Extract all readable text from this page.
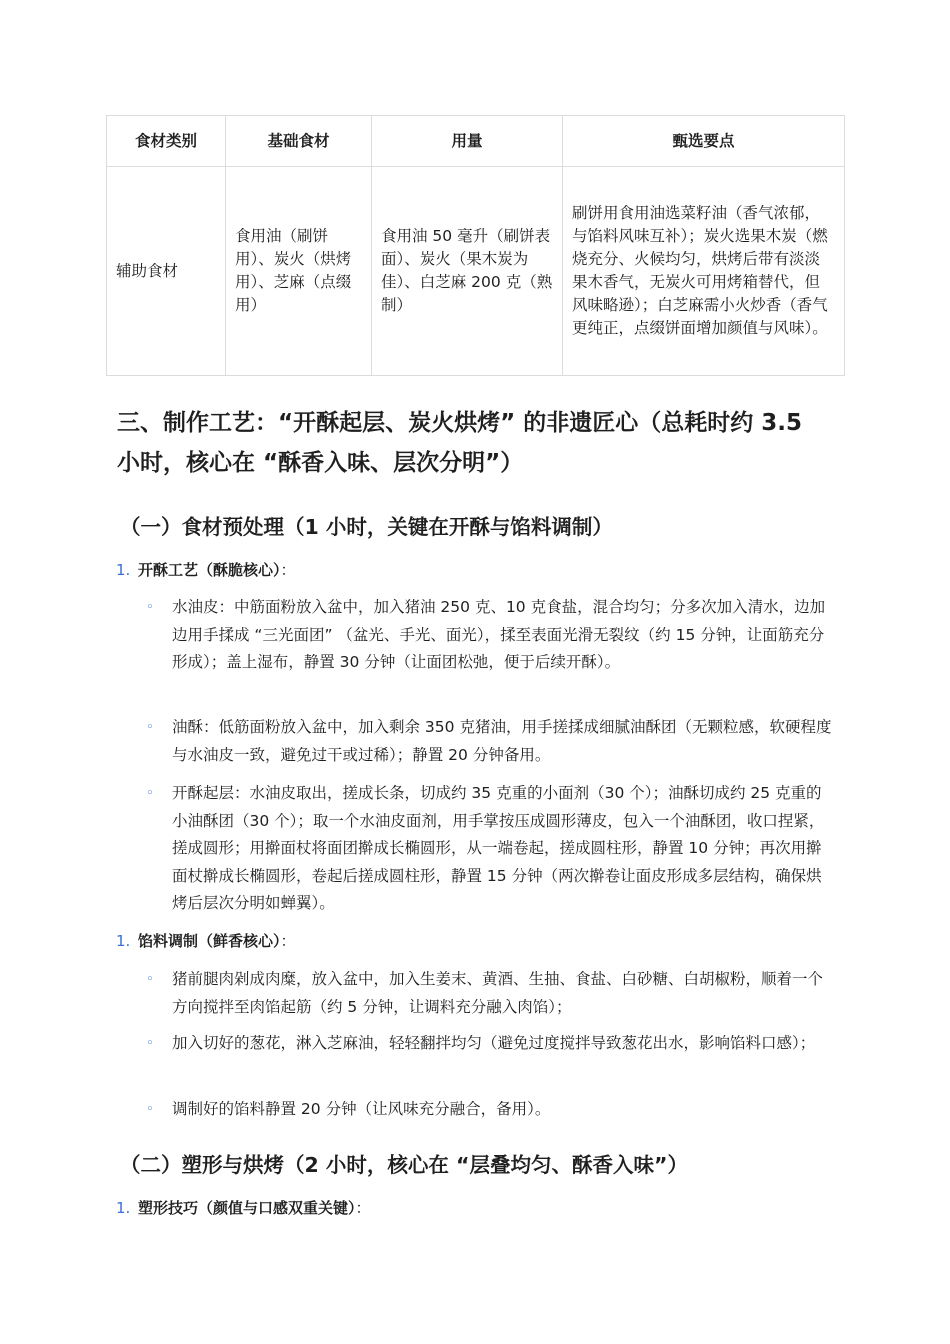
食材类别	基础食材	用量	甄选要点
辅助食材	食用油（刷饼用）、炭火（烘烤用）、芝麻（点缀用）	食用油 50 毫升（刷饼表面）、炭火（果木炭为佳）、白芝麻 200 克（熟制）	刷饼用食用油选菜籽油（香气浓郁，与馅料风味互补）；炭火选果木炭（燃烧充分、火候均匀，烘烤后带有淡淡果木香气，无炭火可用烤箱替代，但风味略逊）；白芝麻需小火炒香（香气更纯正，点缀饼面增加颜值与风味）。
三、制作工艺：“开酥起层、炭火烘烤” 的非遗匠心（总耗时约 3.5 小时，核心在 “酥香入味、层次分明”）
（一）食材预处理（1 小时，关键在开酥与馅料调制）
1. 开酥工艺（酥脆核心）：
◦ 水油皮：中筋面粉放入盆中，加入猪油 250 克、10 克食盐，混合均匀；分多次加入清水，边加边用手揉成 “三光面团” （盆光、手光、面光），揉至表面光滑无裂纹（约 15 分钟，让面筋充分形成）；盖上湿布，静置 30 分钟（让面团松弛，便于后续开酥）。
◦ 油酥：低筋面粉放入盆中，加入剩余 350 克猪油，用手搓揉成细腻油酥团（无颗粒感，软硬程度与水油皮一致，避免过干或过稀）；静置 20 分钟备用。
◦ 开酥起层：水油皮取出，搓成长条，切成约 35 克重的小面剂（30 个）；油酥切成约 25 克重的小油酥团（30 个）；取一个水油皮面剂，用手掌按压成圆形薄皮，包入一个油酥团，收口捏紧，搓成圆形；用擀面杖将面团擀成长椭圆形，从一端卷起，搓成圆柱形，静置 10 分钟；再次用擀面杖擀成长椭圆形，卷起后搓成圆柱形，静置 15 分钟（两次擀卷让面皮形成多层结构，确保烘烤后层次分明如蝉翼）。
1. 馅料调制（鲜香核心）：
◦ 猪前腿肉剁成肉糜，放入盆中，加入生姜末、黄酒、生抽、食盐、白砂糖、白胡椒粉，顺着一个方向搅拌至肉馅起筋（约 5 分钟，让调料充分融入肉馅）；
◦ 加入切好的葱花，淋入芝麻油，轻轻翻拌均匀（避免过度搅拌导致葱花出水，影响馅料口感）；
◦ 调制好的馅料静置 20 分钟（让风味充分融合，备用）。
（二）塑形与烘烤（2 小时，核心在 “层叠均匀、酥香入味”）
1. 塑形技巧（颜值与口感双重关键）：
